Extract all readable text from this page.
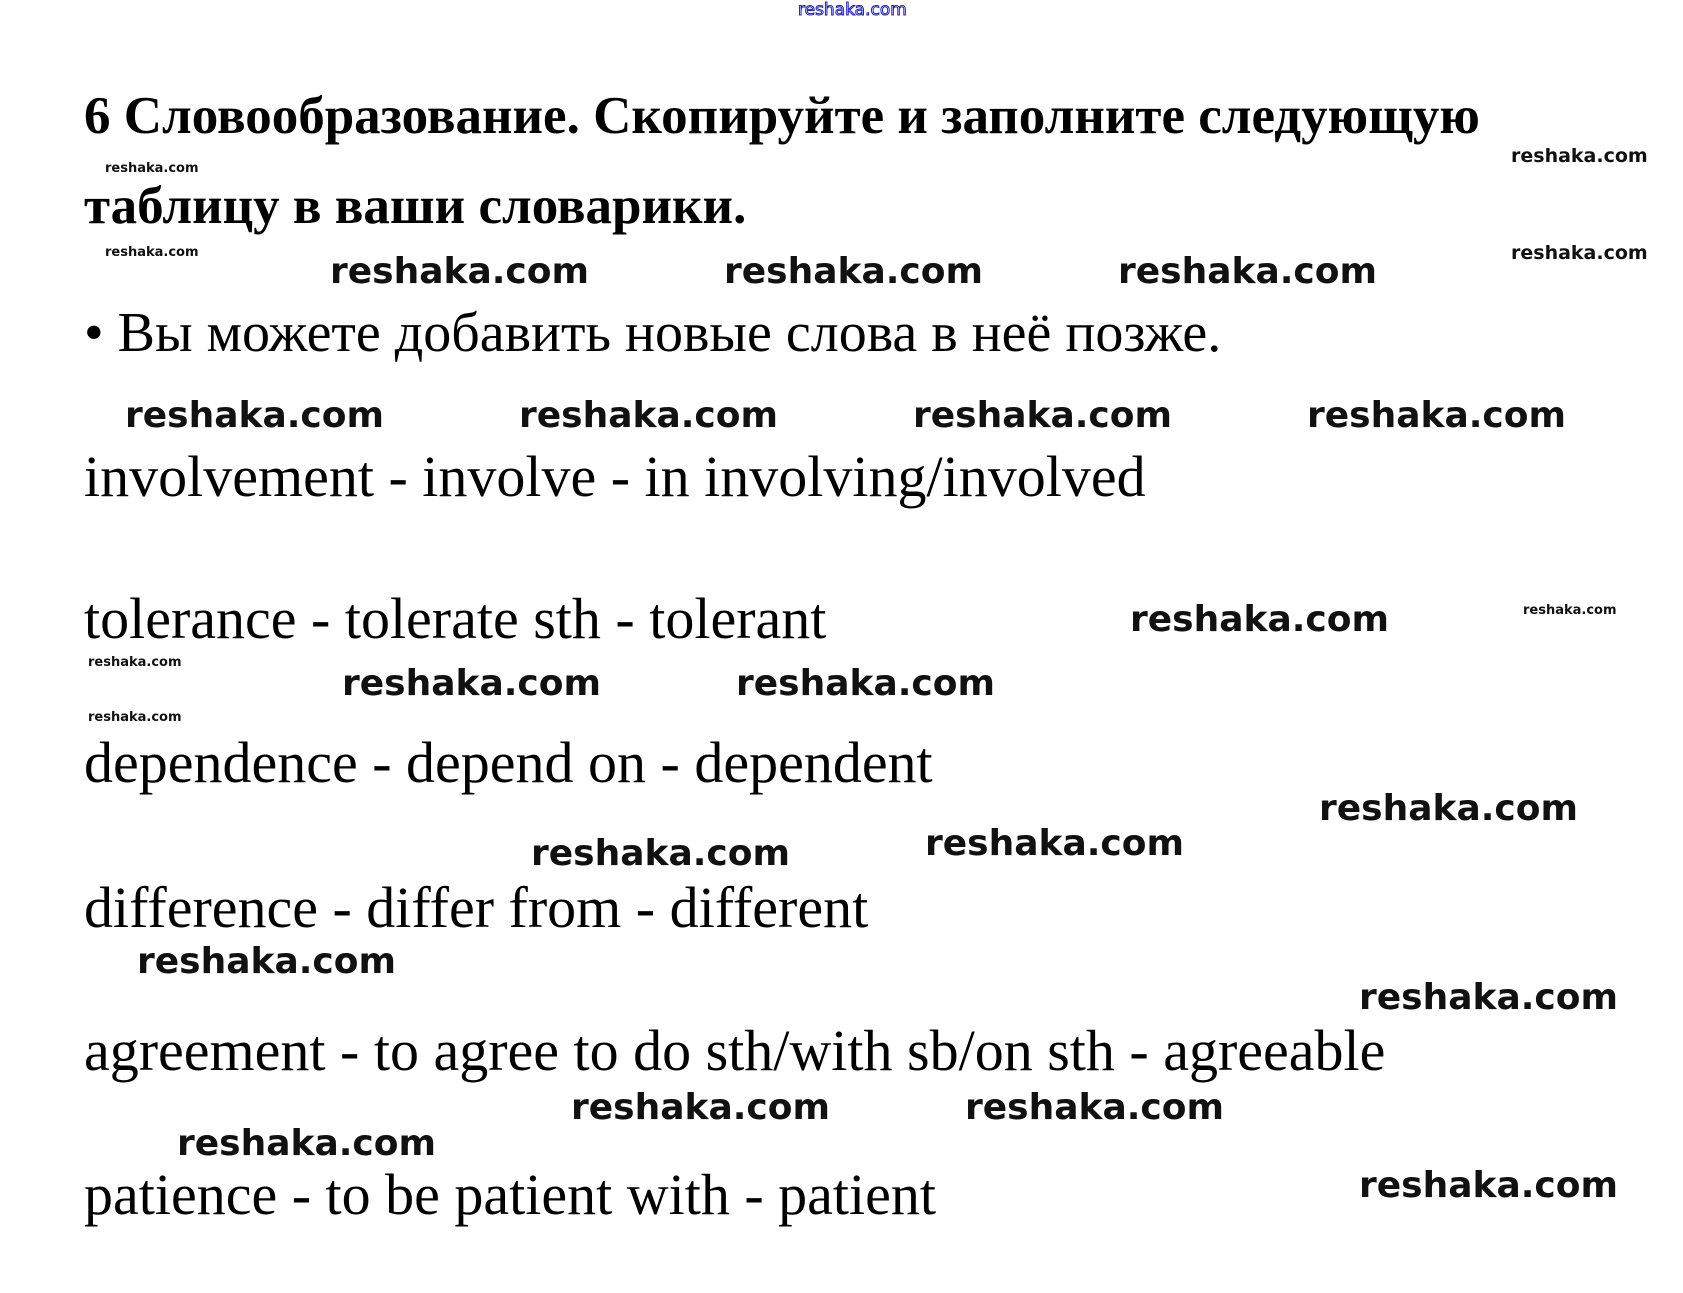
reshaka.com
6 Словообразование. Скопируйте и заполните следующую
таблицу в ваши словарики.
• Вы можете добавить новые слова в неё позже.
involvement - involve - in involving/involved
tolerance - tolerate sth - tolerant
dependence - depend on - dependent
difference - differ from - different
agreement - to agree to do sth/with sb/on sth - agreeable
patience - to be patient with - patient
reshaka.com
reshaka.com
reshaka.com
reshaka.com
reshaka.com
reshaka.com
reshaka.com
reshaka.com	reshaka.com	reshaka.com
reshaka.com	reshaka.com	reshaka.com	reshaka.com
reshaka.com
reshaka.com
reshaka.com
reshaka.com
reshaka.com
reshaka.com
reshaka.com
reshaka.com
reshaka.com	reshaka.com
reshaka.com
reshaka.com
